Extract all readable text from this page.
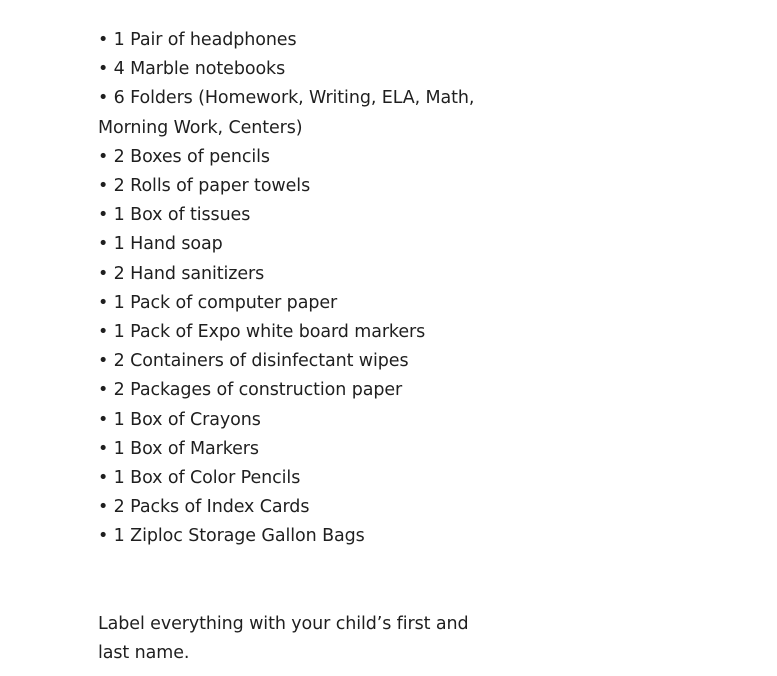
• 1 Pair of headphones
• 4 Marble notebooks
• 6 Folders (Homework, Writing, ELA, Math, Morning Work, Centers)
• 2 Boxes of pencils
• 2 Rolls of paper towels
• 1 Box of tissues
• 1 Hand soap
• 2 Hand sanitizers
• 1 Pack of computer paper
• 1 Pack of Expo white board markers
• 2 Containers of disinfectant wipes
• 2 Packages of construction paper
• 1 Box of Crayons
• 1 Box of Markers
• 1 Box of Color Pencils
• 2 Packs of Index Cards
• 1 Ziploc Storage Gallon Bags

Label everything with your child’s first and last name.
